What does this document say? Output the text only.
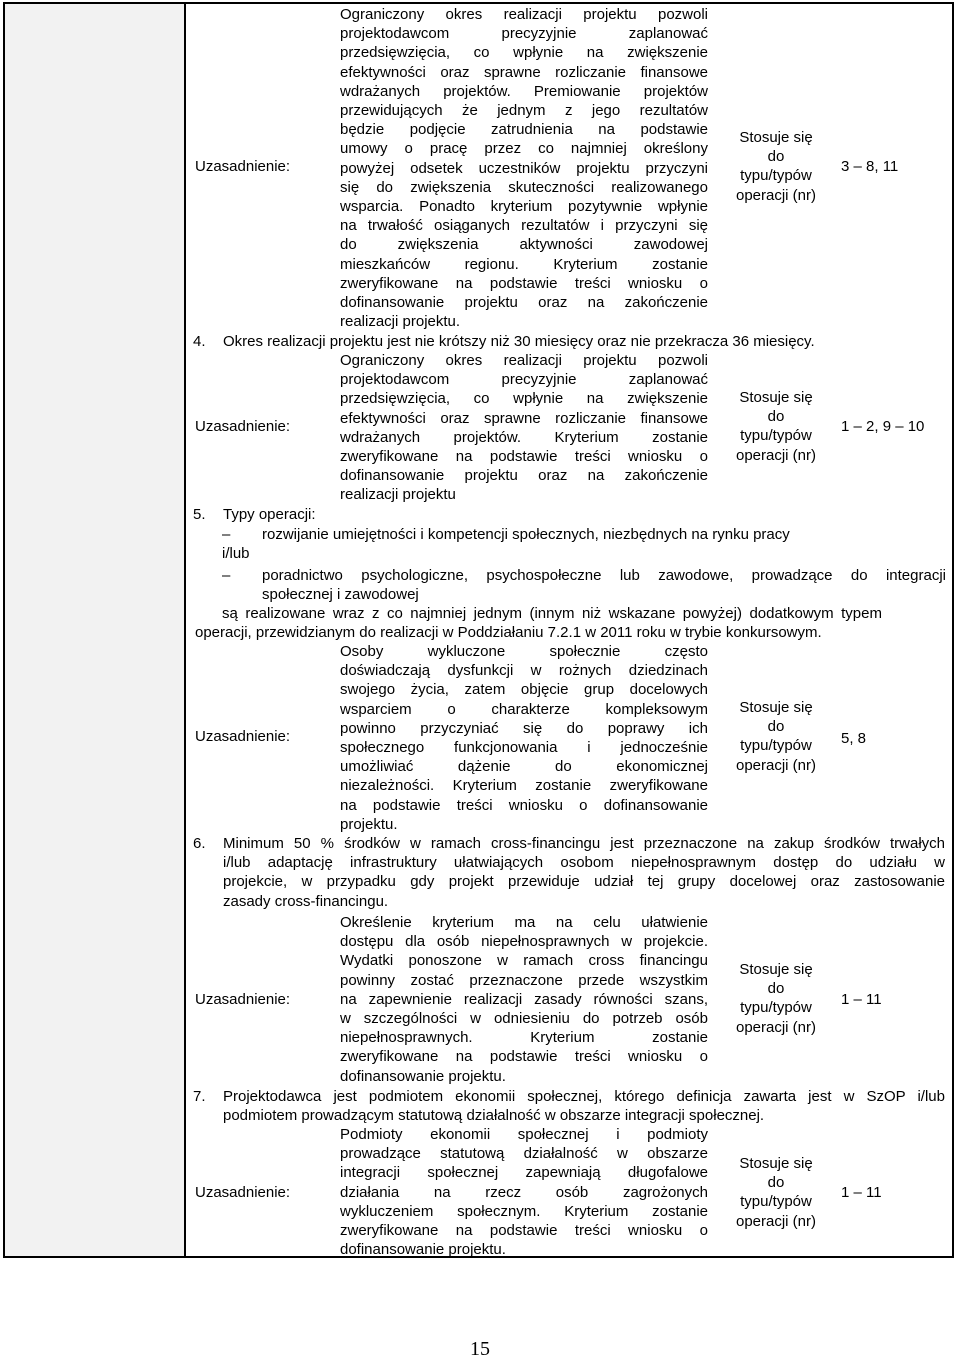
Uzasadnienie:
Ograniczony okres realizacji projektu pozwoli
projektodawcom precyzyjnie zaplanować
przedsięwzięcia, co wpłynie na zwiększenie
efektywności oraz sprawne rozliczanie finansowe
wdrażanych projektów. Premiowanie projektów
przewidujących że jednym z jego rezultatów
będzie podjęcie zatrudnienia na podstawie
umowy o pracę przez co najmniej określony
powyżej odsetek uczestników projektu przyczyni
się do zwiększenia skuteczności realizowanego
wsparcia. Ponadto kryterium pozytywnie wpłynie
na trwałość osiąganych rezultatów i przyczyni się
do zwiększenia aktywności zawodowej
mieszkańców regionu. Kryterium zostanie
zweryfikowane na podstawie treści wniosku o
dofinansowanie projektu oraz na zakończenie
realizacji projektu.
Stosuje się
do
typu/typów
operacji (nr)
3 – 8, 11
4. Okres realizacji projektu jest nie krótszy niż 30 miesięcy oraz nie przekracza 36 miesięcy.
Uzasadnienie:
Ograniczony okres realizacji projektu pozwoli
projektodawcom precyzyjnie zaplanować
przedsięwzięcia, co wpłynie na zwiększenie
efektywności oraz sprawne rozliczanie finansowe
wdrażanych projektów. Kryterium zostanie
zweryfikowane na podstawie treści wniosku o
dofinansowanie projektu oraz na zakończenie
realizacji projektu
Stosuje się
do
typu/typów
operacji (nr)
1 – 2, 9 – 10
5. Typy operacji:
– rozwijanie umiejętności i kompetencji społecznych, niezbędnych na rynku pracy
i/lub
– poradnictwo psychologiczne, psychospołeczne lub zawodowe, prowadzące do integracji
społecznej i zawodowej
są realizowane wraz z co najmniej jednym (innym niż wskazane powyżej) dodatkowym typem
operacji, przewidzianym do realizacji w Poddziałaniu 7.2.1 w 2011 roku w trybie konkursowym.
Uzasadnienie:
Osoby wykluczone społecznie często
doświadczają dysfunkcji w rożnych dziedzinach
swojego życia, zatem objęcie grup docelowych
wsparciem o charakterze kompleksowym
powinno przyczyniać się do poprawy ich
społecznego funkcjonowania i jednocześnie
umożliwiać dążenie do ekonomicznej
niezależności. Kryterium zostanie zweryfikowane
na podstawie treści wniosku o dofinansowanie
projektu.
Stosuje się
do
typu/typów
operacji (nr)
5, 8
6. Minimum 50 % środków w ramach cross-financingu jest przeznaczone na zakup środków trwałych
i/lub adaptację infrastruktury ułatwiających osobom niepełnosprawnym dostęp do udziału w
projekcie, w przypadku gdy projekt przewiduje udział tej grupy docelowej oraz zastosowanie
zasady cross-financingu.
Uzasadnienie:
Określenie kryterium ma na celu ułatwienie
dostępu dla osób niepełnosprawnych w projekcie.
Wydatki ponoszone w ramach cross financingu
powinny zostać przeznaczone przede wszystkim
na zapewnienie realizacji zasady równości szans,
w szczególności w odniesieniu do potrzeb osób
niepełnosprawnych. Kryterium zostanie
zweryfikowane na podstawie treści wniosku o
dofinansowanie projektu.
Stosuje się
do
typu/typów
operacji (nr)
1 – 11
7. Projektodawca jest podmiotem ekonomii społecznej, którego definicja zawarta jest w SzOP i/lub
podmiotem prowadzącym statutową działalność w obszarze integracji społecznej.
Uzasadnienie:
Podmioty ekonomii społecznej i podmioty
prowadzące statutową działalność w obszarze
integracji społecznej zapewniają długofalowe
działania na rzecz osób zagrożonych
wykluczeniem społecznym. Kryterium zostanie
zweryfikowane na podstawie treści wniosku o
dofinansowanie projektu.
Stosuje się
do
typu/typów
operacji (nr)
1 – 11
15
